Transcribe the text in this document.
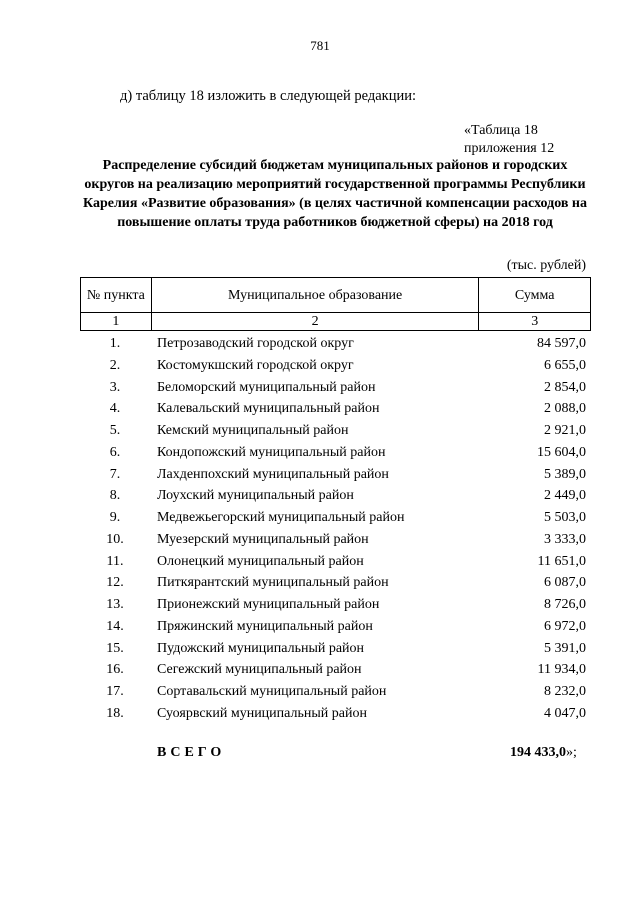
781
д) таблицу 18 изложить в следующей редакции:
«Таблица 18
приложения 12
Распределение субсидий бюджетам муниципальных районов и городских округов на реализацию мероприятий государственной программы Республики Карелия «Развитие образования» (в целях частичной компенсации расходов на повышение оплаты труда работников бюджетной сферы) на 2018 год
(тыс. рублей)
№ пункта	Муниципальное образование	Сумма
1	2	3
1.	Петрозаводский городской округ	84 597,0
2.	Костомукшский городской округ	6 655,0
3.	Беломорский муниципальный район	2 854,0
4.	Калевальский муниципальный район	2 088,0
5.	Кемский муниципальный район	2 921,0
6.	Кондопожский муниципальный район	15 604,0
7.	Лахденпохский муниципальный район	5 389,0
8.	Лоухский муниципальный район	2 449,0
9.	Медвежьегорский муниципальный район	5 503,0
10.	Муезерский муниципальный район	3 333,0
11.	Олонецкий муниципальный район	11 651,0
12.	Питкярантский муниципальный район	6 087,0
13.	Прионежский муниципальный район	8 726,0
14.	Пряжинский муниципальный район	6 972,0
15.	Пудожский муниципальный район	5 391,0
16.	Сегежский муниципальный район	11 934,0
17.	Сортавальский муниципальный район	8 232,0
18.	Суоярвский муниципальный район	4 047,0
ВСЕГО	194 433,0»;
